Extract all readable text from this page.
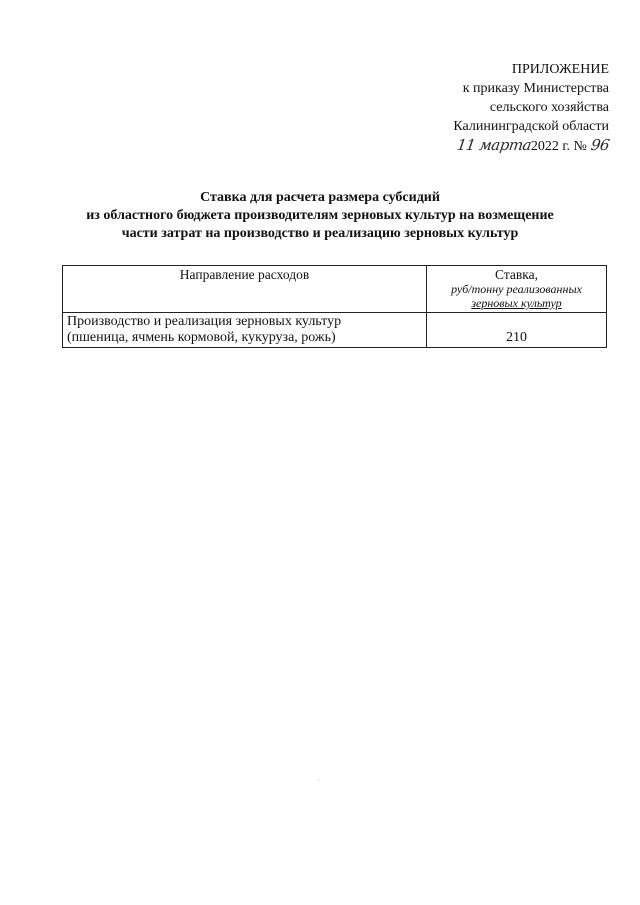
ПРИЛОЖЕНИЕ
к приказу Министерства
сельского хозяйства
Калининградской области
11 марта2022 г. № 96
Ставка для расчета размера субсидий
из областного бюджета производителям зерновых культур на возмещение
части затрат на производство и реализацию зерновых культур
Направление расходов	Ставка,
руб/тонну реализованных
зерновых культур

Производство и реализация зерновых культур
(пшеница, ячмень кормовой, кукуруза, рожь)	210
